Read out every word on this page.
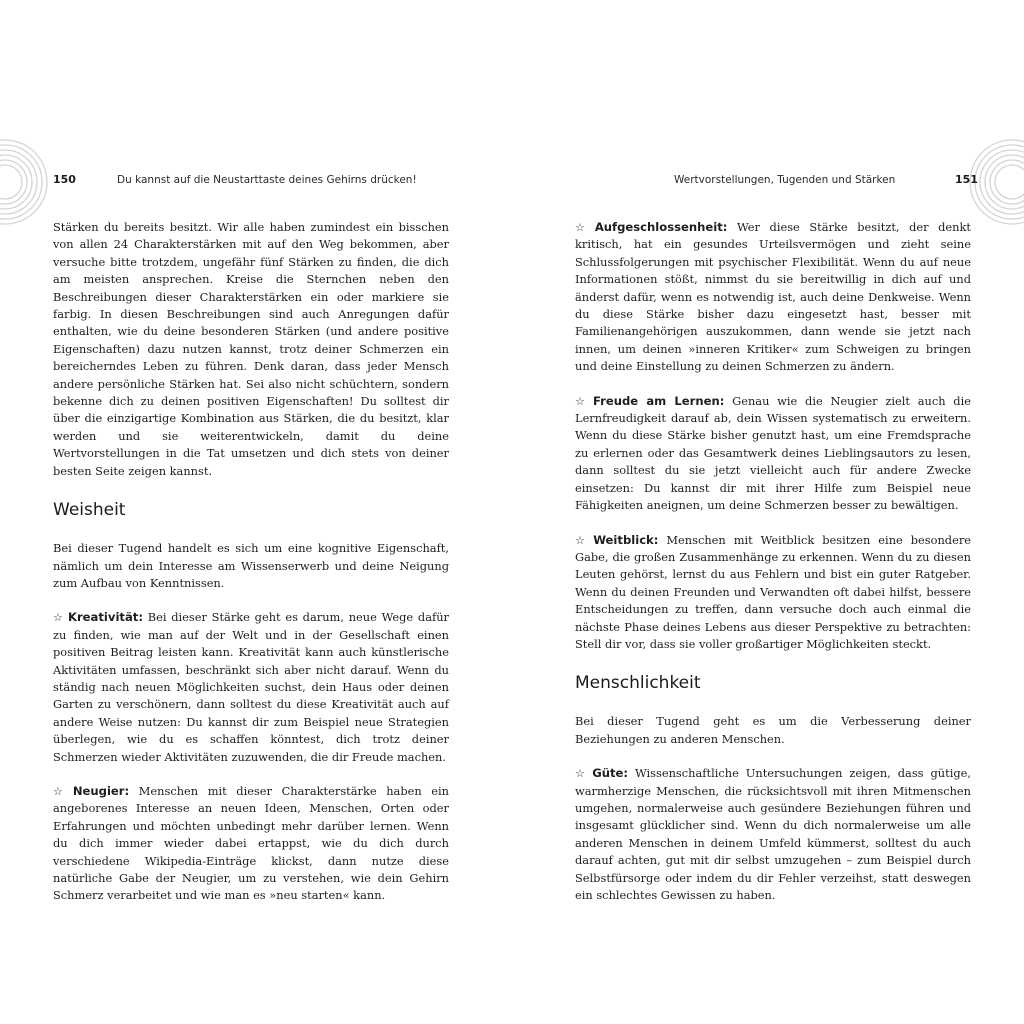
150	Du kannst auf die Neustarttaste deines Gehirns drücken!

Stärken du bereits besitzt. Wir alle haben zumindest ein bisschen von allen 24 Charakterstärken mit auf den Weg bekommen, aber versuche bitte trotzdem, ungefähr fünf Stärken zu finden, die dich am meisten ansprechen. Kreise die Sternchen neben den Beschreibungen dieser Charakterstärken ein oder markiere sie farbig. In diesen Beschreibungen sind auch Anregungen dafür enthalten, wie du deine besonderen Stärken (und andere positive Eigenschaften) dazu nutzen kannst, trotz deiner Schmerzen ein bereicherndes Leben zu führen. Denk daran, dass jeder Mensch andere persönliche Stärken hat. Sei also nicht schüchtern, sondern bekenne dich zu deinen positiven Eigenschaften! Du solltest dir über die einzigartige Kombination aus Stärken, die du besitzt, klar werden und sie weiterentwickeln, damit du deine Wertvorstellungen in die Tat umsetzen und dich stets von deiner besten Seite zeigen kannst.

Weisheit

Bei dieser Tugend handelt es sich um eine kognitive Eigenschaft, nämlich um dein Interesse am Wissenserwerb und deine Neigung zum Aufbau von Kenntnissen.

☆ Kreativität: Bei dieser Stärke geht es darum, neue Wege dafür zu finden, wie man auf der Welt und in der Gesellschaft einen positiven Beitrag leisten kann. Kreativität kann auch künstlerische Aktivitäten umfassen, beschränkt sich aber nicht darauf. Wenn du ständig nach neuen Möglichkeiten suchst, dein Haus oder deinen Garten zu verschönern, dann solltest du diese Kreativität auch auf andere Weise nutzen: Du kannst dir zum Beispiel neue Strategien überlegen, wie du es schaffen könntest, dich trotz deiner Schmerzen wieder Aktivitäten zuzuwenden, die dir Freude machen.

☆ Neugier: Menschen mit dieser Charakterstärke haben ein angeborenes Interesse an neuen Ideen, Menschen, Orten oder Erfahrungen und möchten unbedingt mehr darüber lernen. Wenn du dich immer wieder dabei ertappst, wie du dich durch verschiedene Wikipedia-Einträge klickst, dann nutze diese natürliche Gabe der Neugier, um zu verstehen, wie dein Gehirn Schmerz verarbeitet und wie man es »neu starten« kann.

Wertvorstellungen, Tugenden und Stärken	151

☆ Aufgeschlossenheit: Wer diese Stärke besitzt, der denkt kritisch, hat ein gesundes Urteilsvermögen und zieht seine Schlussfolgerungen mit psychischer Flexibilität. Wenn du auf neue Informationen stößt, nimmst du sie bereitwillig in dich auf und änderst dafür, wenn es notwendig ist, auch deine Denkweise. Wenn du diese Stärke bisher dazu eingesetzt hast, besser mit Familienangehörigen auszukommen, dann wende sie jetzt nach innen, um deinen »inneren Kritiker« zum Schweigen zu bringen und deine Einstellung zu deinen Schmerzen zu ändern.

☆ Freude am Lernen: Genau wie die Neugier zielt auch die Lernfreudigkeit darauf ab, dein Wissen systematisch zu erweitern. Wenn du diese Stärke bisher genutzt hast, um eine Fremdsprache zu erlernen oder das Gesamtwerk deines Lieblingsautors zu lesen, dann solltest du sie jetzt vielleicht auch für andere Zwecke einsetzen: Du kannst dir mit ihrer Hilfe zum Beispiel neue Fähigkeiten aneignen, um deine Schmerzen besser zu bewältigen.

☆ Weitblick: Menschen mit Weitblick besitzen eine besondere Gabe, die großen Zusammenhänge zu erkennen. Wenn du zu diesen Leuten gehörst, lernst du aus Fehlern und bist ein guter Ratgeber. Wenn du deinen Freunden und Verwandten oft dabei hilfst, bessere Entscheidungen zu treffen, dann versuche doch auch einmal die nächste Phase deines Lebens aus dieser Perspektive zu betrachten: Stell dir vor, dass sie voller großartiger Möglichkeiten steckt.

Menschlichkeit

Bei dieser Tugend geht es um die Verbesserung deiner Beziehungen zu anderen Menschen.

☆ Güte: Wissenschaftliche Untersuchungen zeigen, dass gütige, warmherzige Menschen, die rücksichtsvoll mit ihren Mitmenschen umgehen, normalerweise auch gesündere Beziehungen führen und insgesamt glücklicher sind. Wenn du dich normalerweise um alle anderen Menschen in deinem Umfeld kümmerst, solltest du auch darauf achten, gut mit dir selbst umzugehen – zum Beispiel durch Selbstfürsorge oder indem du dir Fehler verzeihst, statt deswegen ein schlechtes Gewissen zu haben.
